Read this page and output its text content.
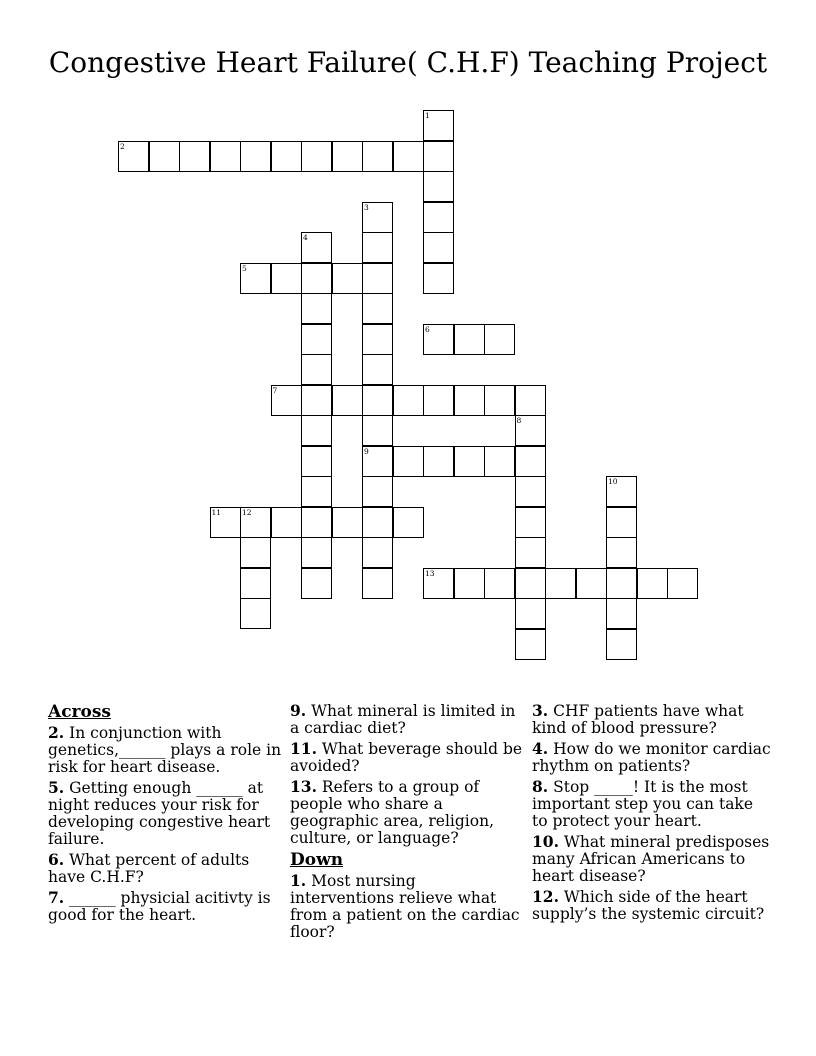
Congestive Heart Failure( C.H.F) Teaching Project
1
2
3
9
4
5
6
7
8
10
11	12
13
Across
2. In conjunction with genetics,______ plays a role in risk for heart disease.
5. Getting enough ______ at night reduces your risk for developing congestive heart failure.
6. What percent of adults have C.H.F?
7. ______ physicial acitivty is good for the heart.
9. What mineral is limited in a cardiac diet?
11. What beverage should be avoided?
13. Refers to a group of people who share a geographic area, religion, culture, or language?
Down
1. Most nursing interventions relieve what from a patient on the cardiac floor?
3. CHF patients have what kind of blood pressure?
4. How do we monitor cardiac rhythm on patients?
8. Stop _____! It is the most important step you can take to protect your heart.
10. What mineral predisposes many African Americans to heart disease?
12. Which side of the heart supply’s the systemic circuit?
